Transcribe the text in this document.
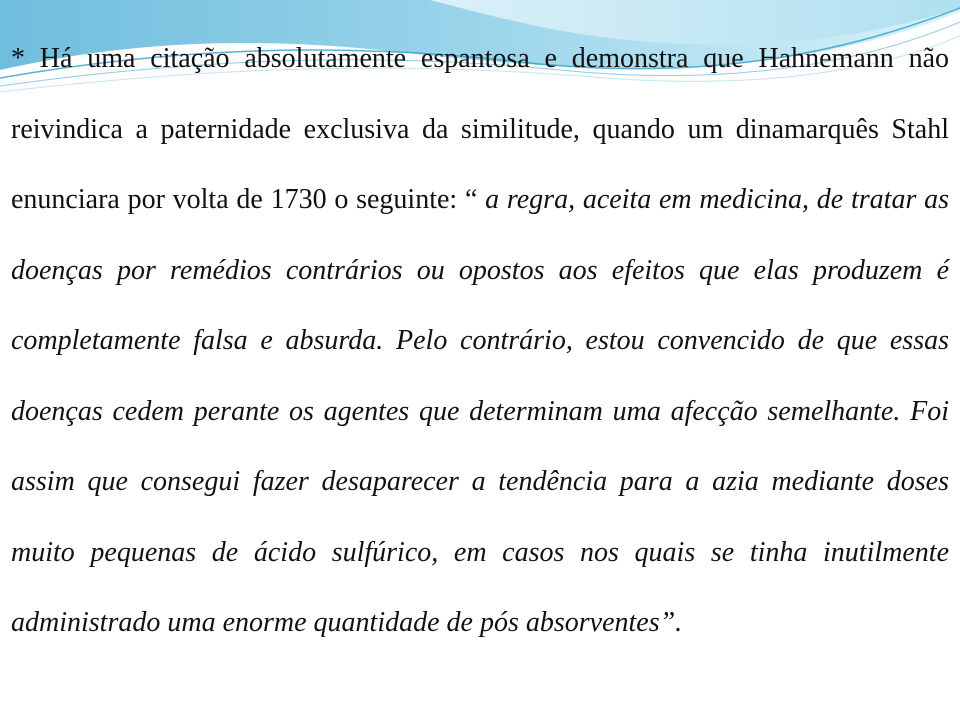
* Há uma citação absolutamente espantosa e demonstra que Hahnemann não reivindica a paternidade exclusiva da similitude, quando um dinamarquês Stahl enunciara por volta de 1730 o seguinte: “ a regra, aceita em medicina, de tratar as doenças por remédios contrários ou opostos aos efeitos que elas produzem é completamente falsa e absurda. Pelo contrário, estou convencido de que essas doenças cedem perante os agentes que determinam uma afecção semelhante. Foi assim que consegui fazer desaparecer a tendência para a azia mediante doses muito pequenas de ácido sulfúrico, em casos nos quais se tinha inutilmente administrado uma enorme quantidade de pós absorventes”.
